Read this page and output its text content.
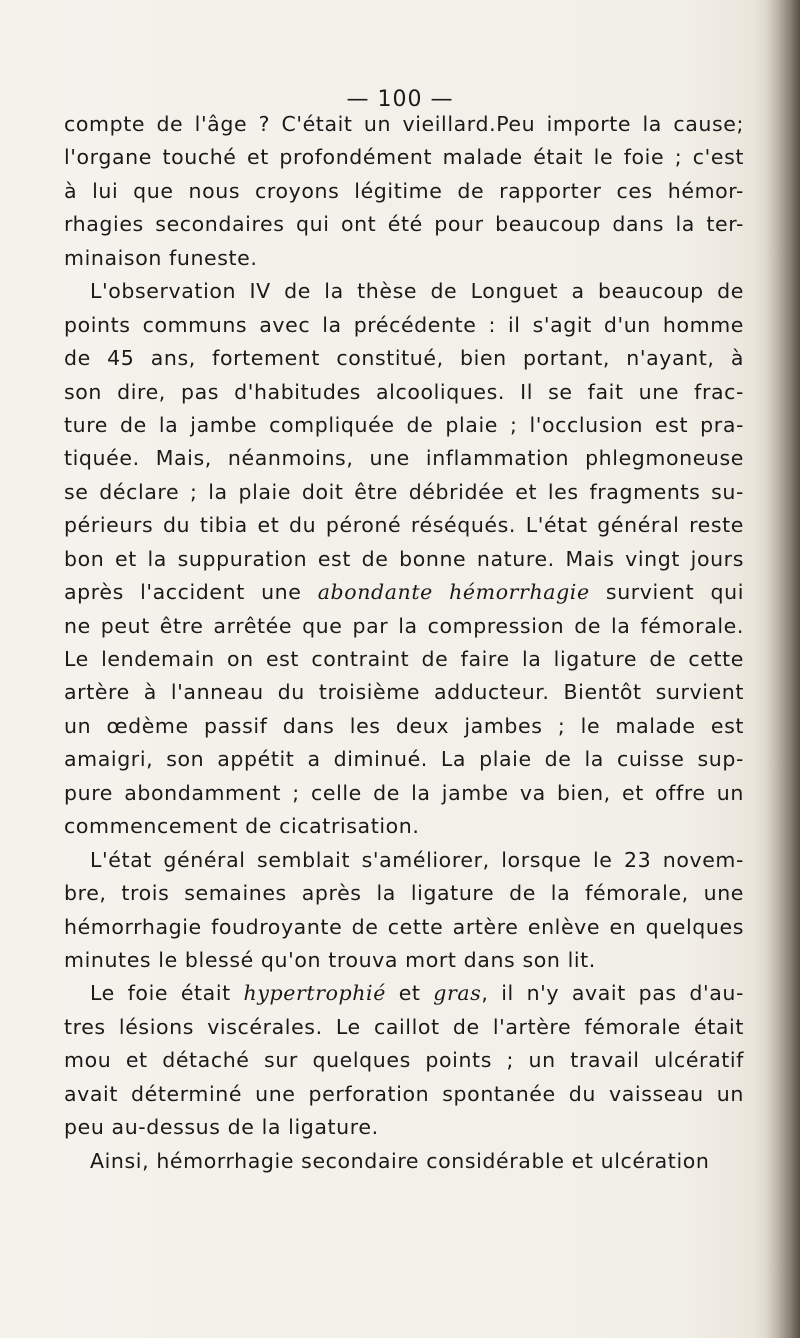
— 100 —
compte de l'âge ? C'était un vieillard.Peu importe la cause;
l'organe touché et profondément malade était le foie ; c'est
à lui que nous croyons légitime de rapporter ces hémor-
rhagies secondaires qui ont été pour beaucoup dans la ter-
minaison funeste.
L'observation IV de la thèse de Longuet a beaucoup de
points communs avec la précédente : il s'agit d'un homme
de 45 ans, fortement constitué, bien portant, n'ayant, à
son dire, pas d'habitudes alcooliques. Il se fait une frac-
ture de la jambe compliquée de plaie ; l'occlusion est pra-
tiquée. Mais, néanmoins, une inflammation phlegmoneuse
se déclare ; la plaie doit être débridée et les fragments su-
périeurs du tibia et du péroné réséqués. L'état général reste
bon et la suppuration est de bonne nature. Mais vingt jours
après l'accident une abondante hémorrhagie survient qui
ne peut être arrêtée que par la compression de la fémorale.
Le lendemain on est contraint de faire la ligature de cette
artère à l'anneau du troisième adducteur. Bientôt survient
un œdème passif dans les deux jambes ; le malade est
amaigri, son appétit a diminué. La plaie de la cuisse sup-
pure abondamment ; celle de la jambe va bien, et offre un
commencement de cicatrisation.
L'état général semblait s'améliorer, lorsque le 23 novem-
bre, trois semaines après la ligature de la fémorale, une
hémorrhagie foudroyante de cette artère enlève en quelques
minutes le blessé qu'on trouva mort dans son lit.
Le foie était hypertrophié et gras, il n'y avait pas d'au-
tres lésions viscérales. Le caillot de l'artère fémorale était
mou et détaché sur quelques points ; un travail ulcératif
avait déterminé une perforation spontanée du vaisseau un
peu au-dessus de la ligature.
Ainsi, hémorrhagie secondaire considérable et ulcération
